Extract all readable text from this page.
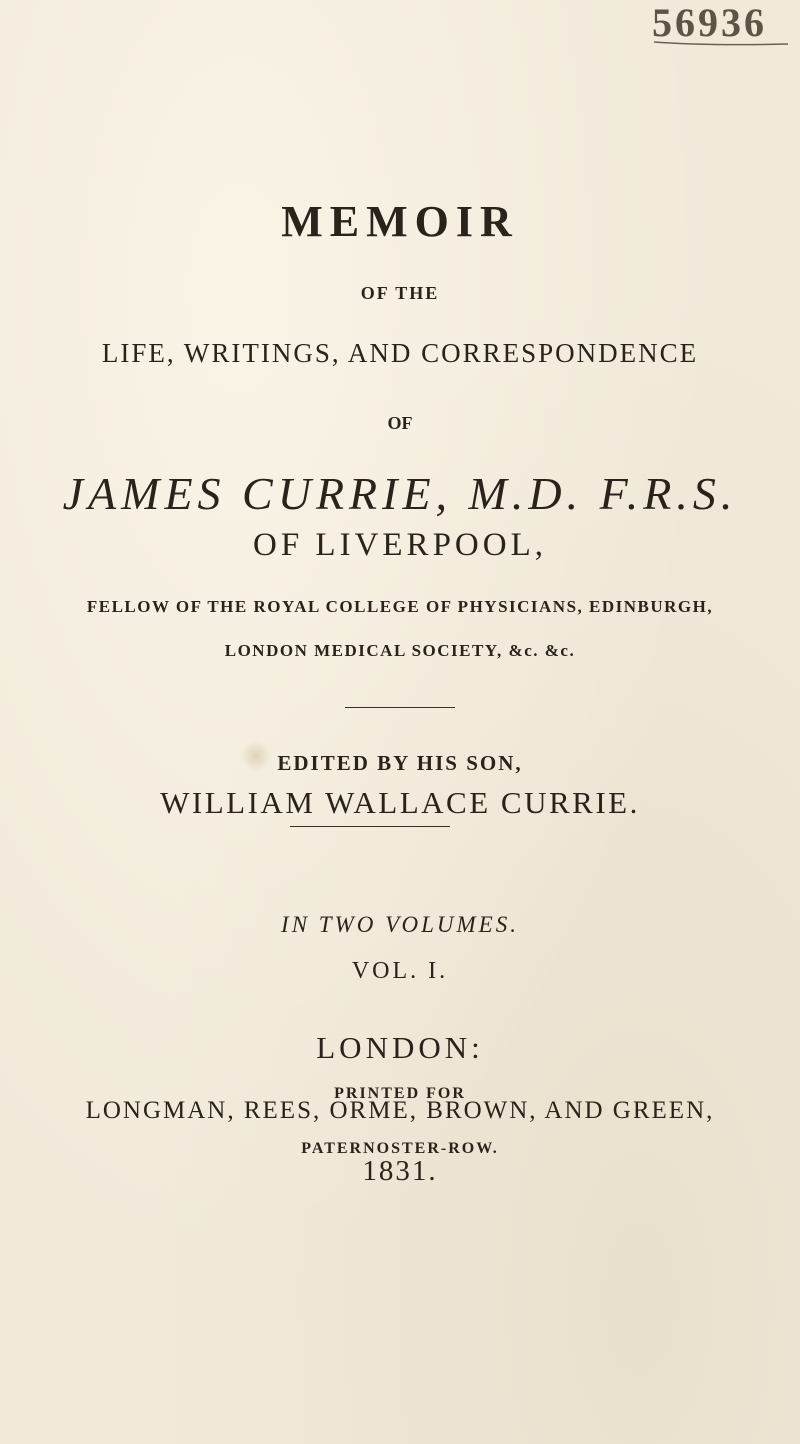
56936
MEMOIR
OF THE
LIFE, WRITINGS, AND CORRESPONDENCE
OF
JAMES CURRIE, M.D. F.R.S.
OF LIVERPOOL,
FELLOW OF THE ROYAL COLLEGE OF PHYSICIANS, EDINBURGH,
LONDON MEDICAL SOCIETY, &c. &c.
EDITED BY HIS SON,
WILLIAM WALLACE CURRIE.
IN TWO VOLUMES.
VOL. I.
LONDON:
PRINTED FOR
LONGMAN, REES, ORME, BROWN, AND GREEN,
PATERNOSTER-ROW.
1831.
